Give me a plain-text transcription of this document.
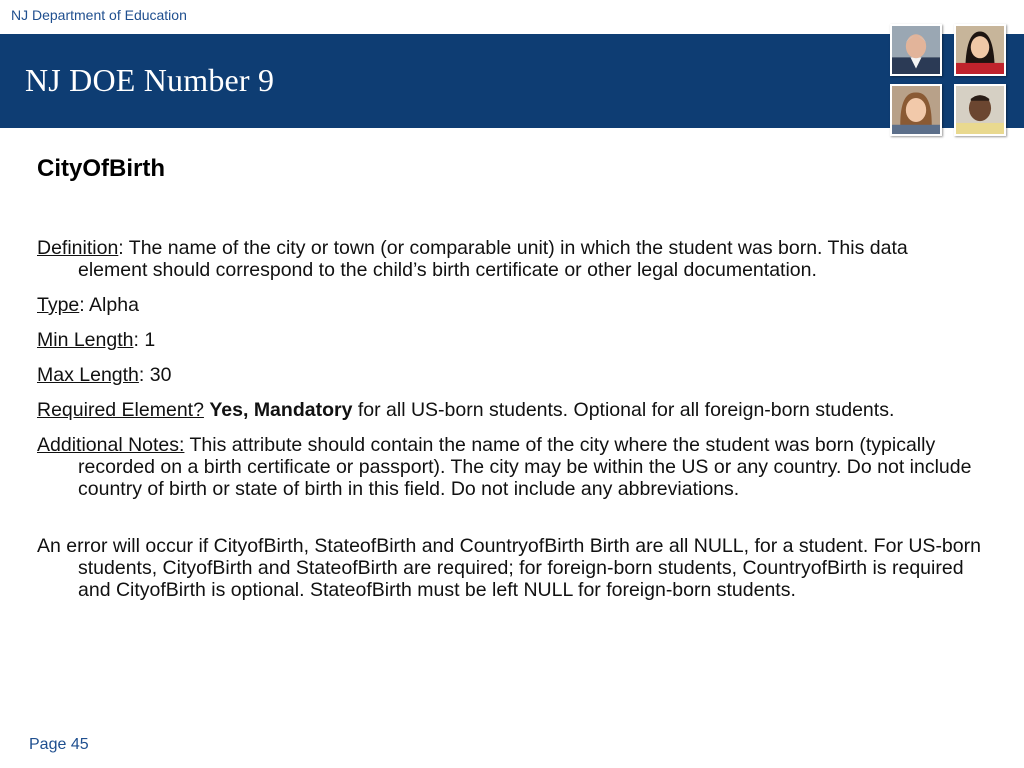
NJ Department of Education
NJ DOE Number 9
CityOfBirth

Definition: The name of the city or town (or comparable unit) in which the student was born. This data element should correspond to the child’s birth certificate or other legal documentation.

Type: Alpha

Min Length: 1

Max Length: 30

Required Element? Yes, Mandatory for all US-born students. Optional for all foreign-born students.

Additional Notes: This attribute should contain the name of the city where the student was born (typically recorded on a birth certificate or passport). The city may be within the US or any country. Do not include country of birth or state of birth in this field. Do not include any abbreviations.

An error will occur if CityofBirth, StateofBirth and CountryofBirth Birth are all NULL, for a student. For US-born students, CityofBirth and StateofBirth are required; for foreign-born students, CountryofBirth is required and CityofBirth is optional. StateofBirth must be left NULL for foreign-born students.

Page 45
